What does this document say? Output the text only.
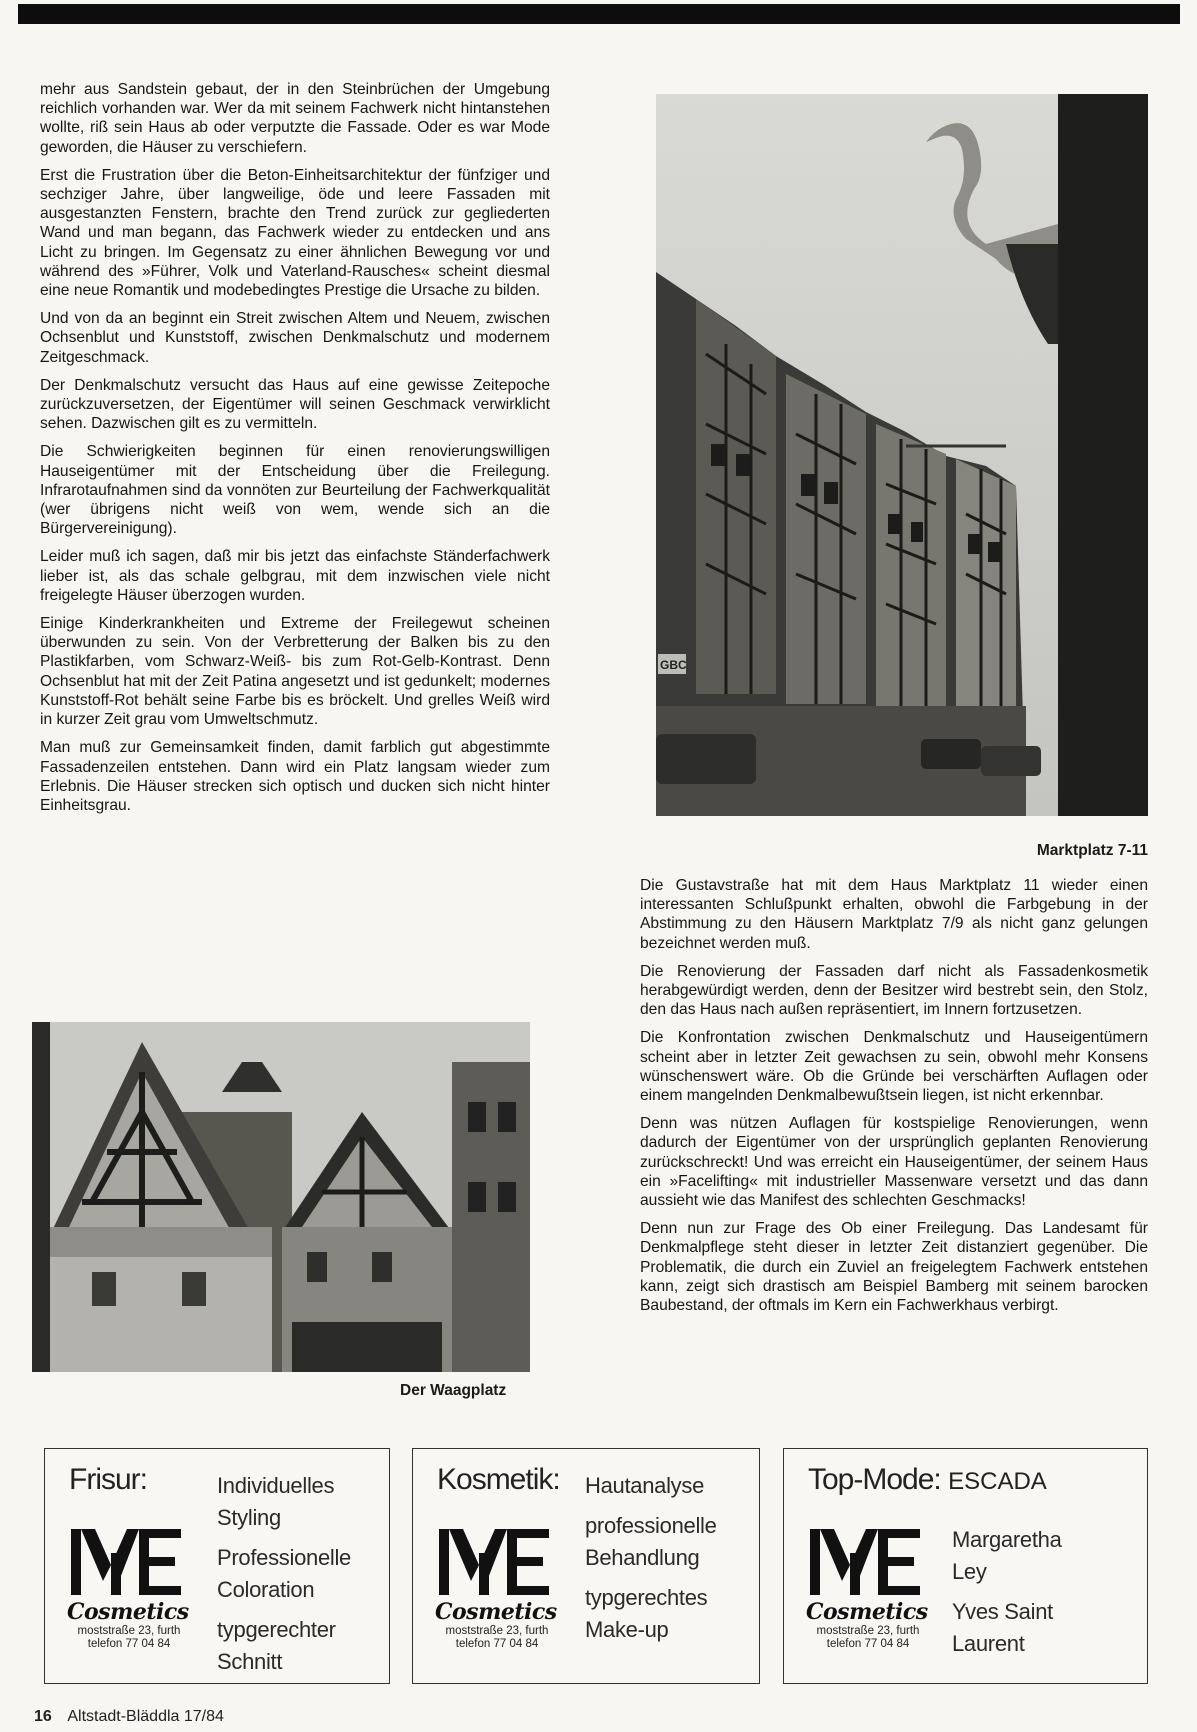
mehr aus Sandstein gebaut, der in den Steinbrüchen der Umgebung reichlich vorhanden war. Wer da mit seinem Fachwerk nicht hintanstehen wollte, riß sein Haus ab oder verputzte die Fassade. Oder es war Mode geworden, die Häuser zu verschiefern.

Erst die Frustration über die Beton-Einheitsarchitektur der fünfziger und sechziger Jahre, über langweilige, öde und leere Fassaden mit ausgestanzten Fenstern, brachte den Trend zurück zur gegliederten Wand und man begann, das Fachwerk wieder zu entdecken und ans Licht zu bringen. Im Gegensatz zu einer ähnlichen Bewegung vor und während des »Führer, Volk und Vaterland-Rausches« scheint diesmal eine neue Romantik und modebedingtes Prestige die Ursache zu bilden.

Und von da an beginnt ein Streit zwischen Altem und Neuem, zwischen Ochsenblut und Kunststoff, zwischen Denkmalschutz und modernem Zeitgeschmack.

Der Denkmalschutz versucht das Haus auf eine gewisse Zeitepoche zurückzuversetzen, der Eigentümer will seinen Geschmack verwirklicht sehen. Dazwischen gilt es zu vermitteln.

Die Schwierigkeiten beginnen für einen renovierungswilligen Hauseigentümer mit der Entscheidung über die Freilegung. Infrarotaufnahmen sind da vonnöten zur Beurteilung der Fachwerkqualität (wer übrigens nicht weiß von wem, wende sich an die Bürgervereinigung).

Leider muß ich sagen, daß mir bis jetzt das einfachste Ständerfachwerk lieber ist, als das schale gelbgrau, mit dem inzwischen viele nicht freigelegte Häuser überzogen wurden.

Einige Kinderkrankheiten und Extreme der Freilegewut scheinen überwunden zu sein. Von der Verbretterung der Balken bis zu den Plastikfarben, vom Schwarz-Weiß- bis zum Rot-Gelb-Kontrast. Denn Ochsenblut hat mit der Zeit Patina angesetzt und ist gedunkelt; modernes Kunststoff-Rot behält seine Farbe bis es bröckelt. Und grelles Weiß wird in kurzer Zeit grau vom Umweltschmutz.

Man muß zur Gemeinsamkeit finden, damit farblich gut abgestimmte Fassadenzeilen entstehen. Dann wird ein Platz langsam wieder zum Erlebnis. Die Häuser strecken sich optisch und ducken sich nicht hinter Einheitsgrau.

GBC
Marktplatz 7-11

Die Gustavstraße hat mit dem Haus Marktplatz 11 wieder einen interessanten Schlußpunkt erhalten, obwohl die Farbgebung in der Abstimmung zu den Häusern Marktplatz 7/9 als nicht ganz gelungen bezeichnet werden muß.

Die Renovierung der Fassaden darf nicht als Fassadenkosmetik herabgewürdigt werden, denn der Besitzer wird bestrebt sein, den Stolz, den das Haus nach außen repräsentiert, im Innern fortzusetzen.

Die Konfrontation zwischen Denkmalschutz und Hauseigentümern scheint aber in letzter Zeit gewachsen zu sein, obwohl mehr Konsens wünschenswert wäre. Ob die Gründe bei verschärften Auflagen oder einem mangelnden Denkmalbewußtsein liegen, ist nicht erkennbar.

Denn was nützen Auflagen für kostspielige Renovierungen, wenn dadurch der Eigentümer von der ursprünglich geplanten Renovierung zurückschreckt! Und was erreicht ein Hauseigentümer, der seinem Haus ein »Facelifting« mit industrieller Massenware versetzt und das dann aussieht wie das Manifest des schlechten Geschmacks!

Denn nun zur Frage des Ob einer Freilegung. Das Landesamt für Denkmalpflege steht dieser in letzter Zeit distanziert gegenüber. Die Problematik, die durch ein Zuviel an freigelegtem Fachwerk entstehen kann, zeigt sich drastisch am Beispiel Bamberg mit seinem barocken Baubestand, der oftmals im Kern ein Fachwerkhaus verbirgt.

Der Waagplatz
Frisur:	Individuelles
Styling
Professionelle
Coloration
typgerechter
Schnitt
Cosmetics
moststraße 23, furth
telefon 77 04 84
Kosmetik: Hautanalyse
professionelle
Behandlung
typgerechtes
Make-up
Cosmetics
moststraße 23, furth
telefon 77 04 84
Top-Mode: ESCADA
Margaretha
Ley
Yves Saint
Laurent
Cosmetics
moststraße 23, furth
telefon 77 04 84
16 Altstadt-Bläddla 17/84
